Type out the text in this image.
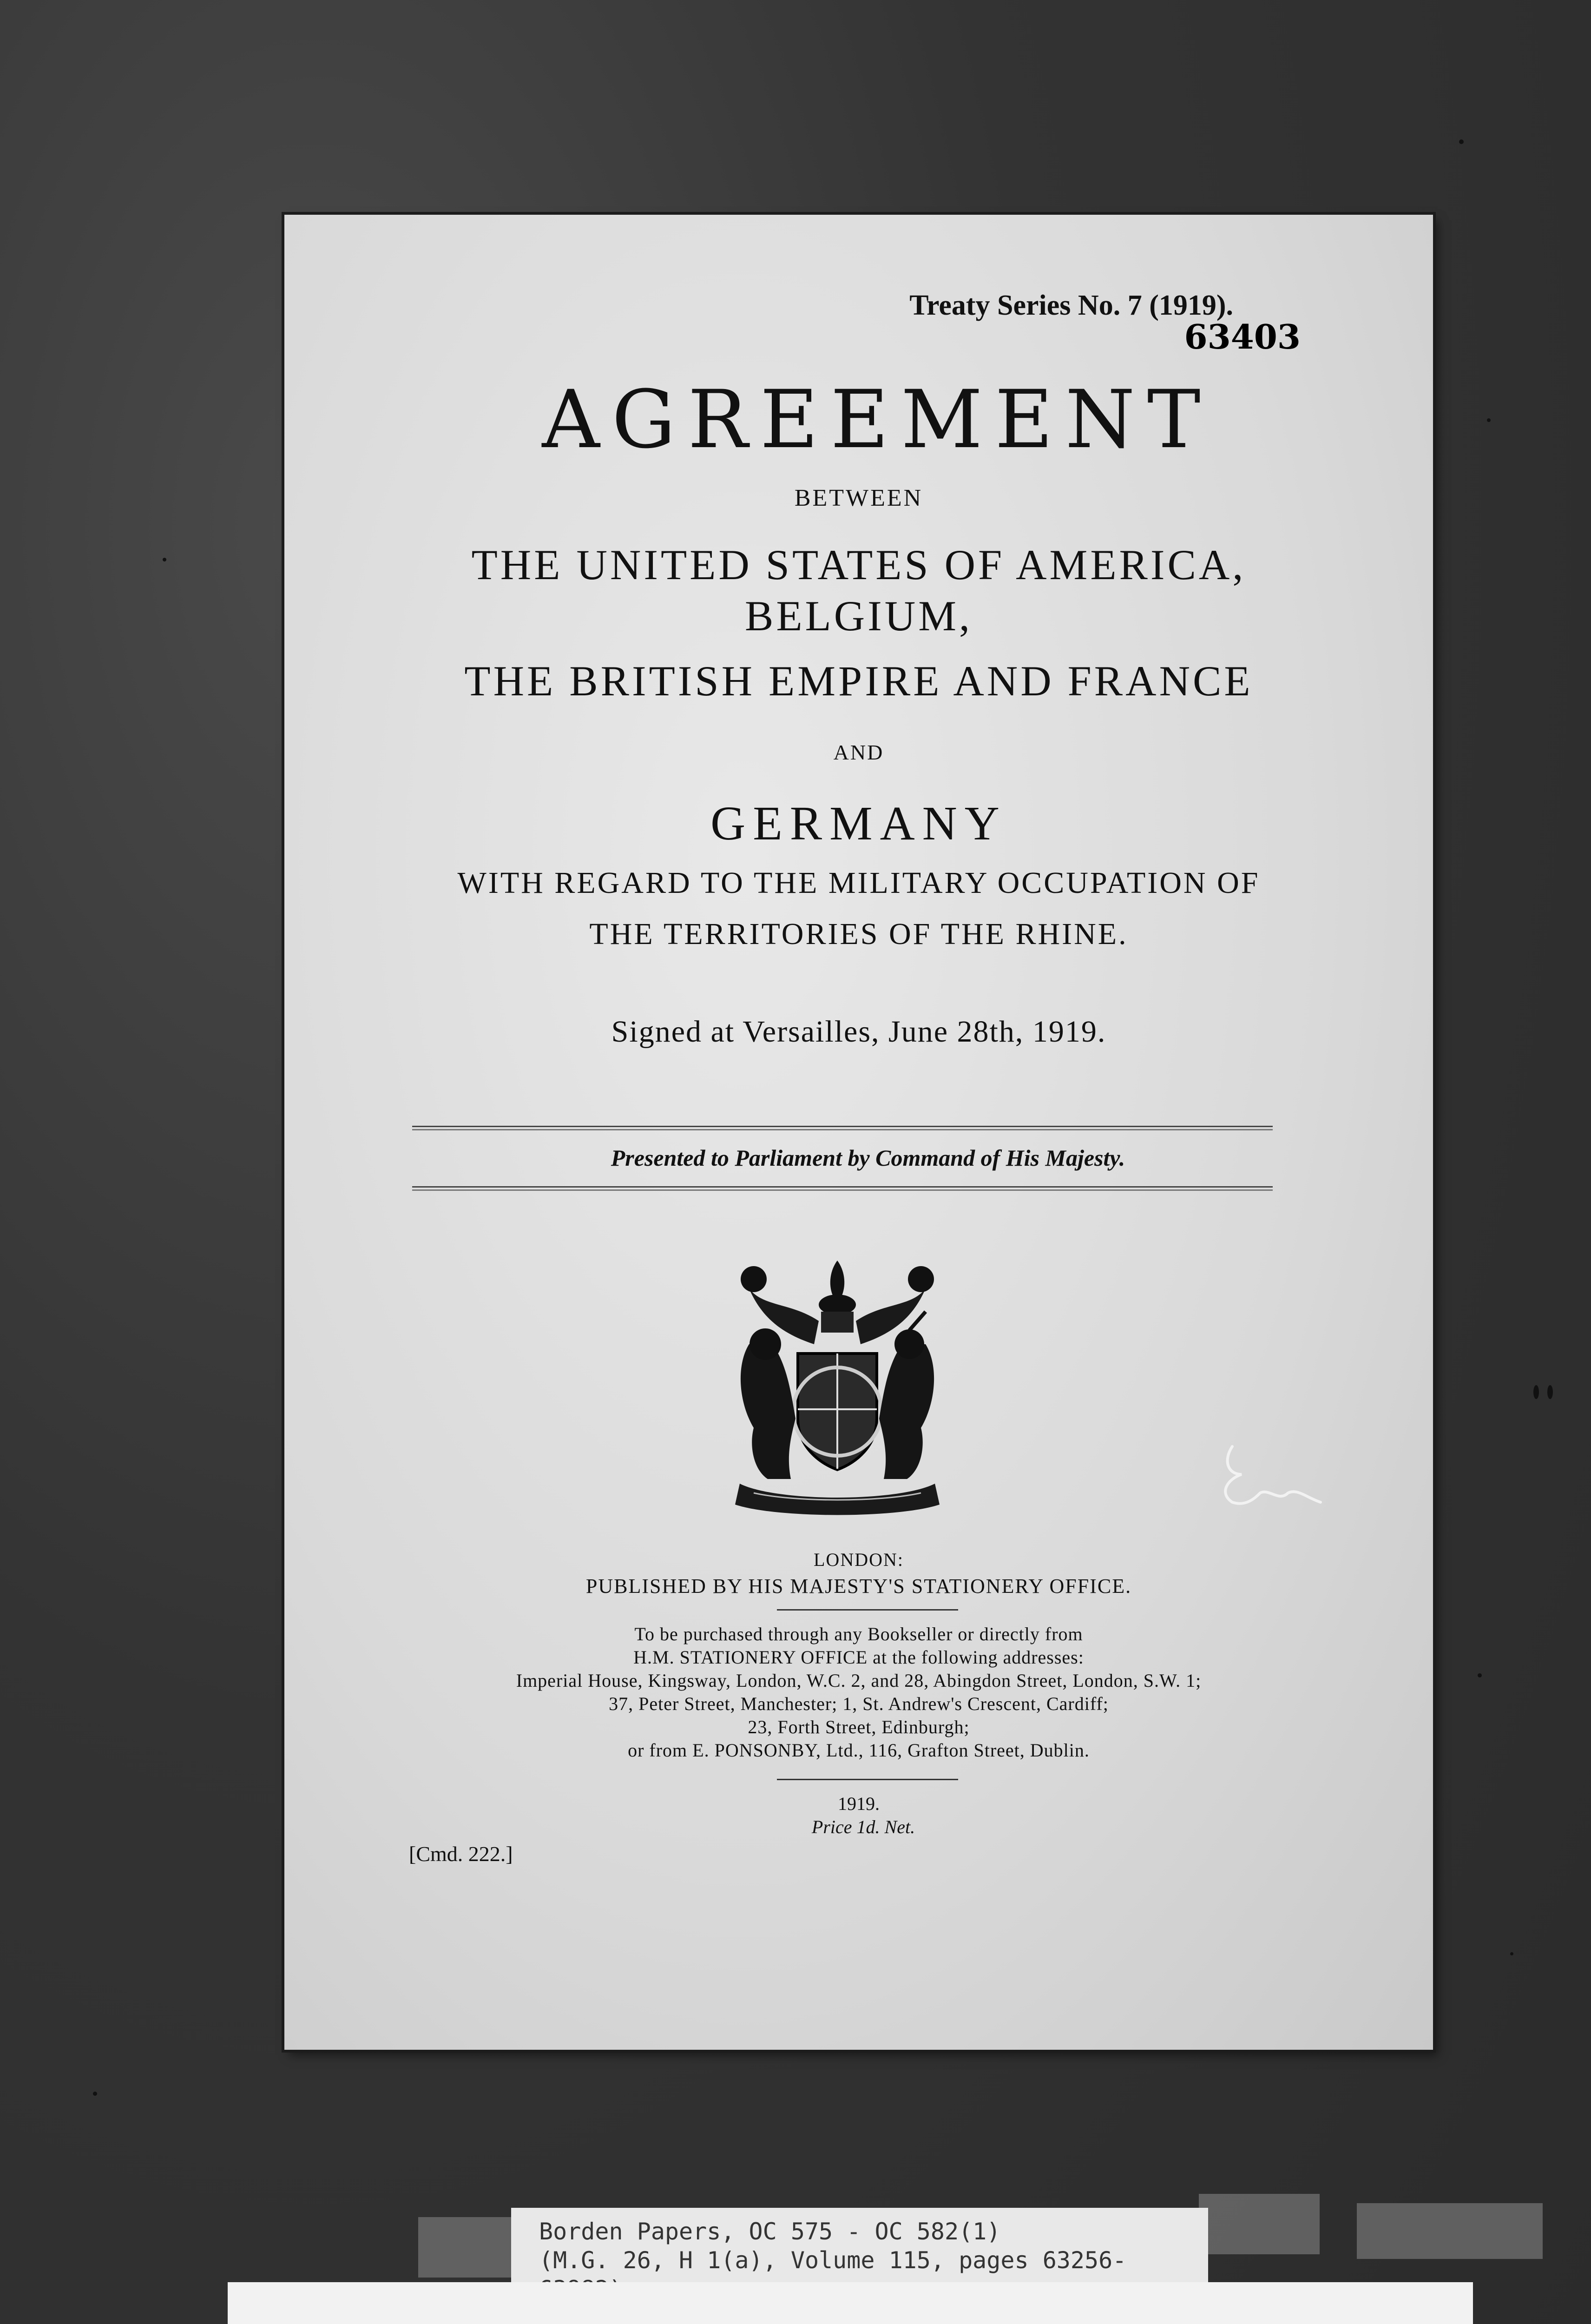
Treaty Series No. 7 (1919).
63403
AGREEMENT
BETWEEN
THE UNITED STATES OF AMERICA,
BELGIUM,
THE BRITISH EMPIRE AND FRANCE
AND
GERMANY
WITH REGARD TO THE MILITARY OCCUPATION OF
THE TERRITORIES OF THE RHINE.
Signed at Versailles, June 28th, 1919.
Presented to Parliament by Command of His Majesty.
LONDON:
PUBLISHED BY HIS MAJESTY'S STATIONERY OFFICE.
To be purchased through any Bookseller or directly from
H.M. STATIONERY OFFICE at the following addresses:
Imperial House, Kingsway, London, W.C. 2, and 28, Abingdon Street, London, S.W. 1;
37, Peter Street, Manchester; 1, St. Andrew's Crescent, Cardiff;
23, Forth Street, Edinburgh;
or from E. PONSONBY, Ltd., 116, Grafton Street, Dublin.
1919.
Price 1d. Net.
[Cmd. 222.]
Borden Papers, OC 575 - OC 582(1)
(M.G. 26, H 1(a), Volume 115, pages 63256-
